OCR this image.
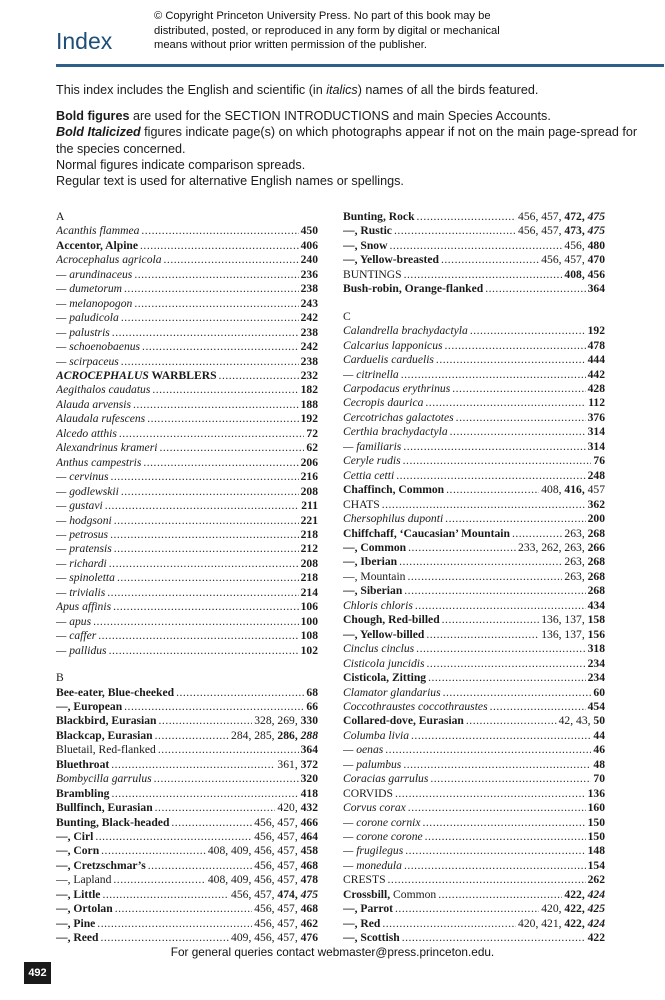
Index
© Copyright Princeton University Press. No part of this book may be distributed, posted, or reproduced in any form by digital or mechanical means without prior written permission of the publisher.

This index includes the English and scientific (in italics) names of all the birds featured.

Bold figures are used for the SECTION INTRODUCTIONS and main Species Accounts.

Bold Italicized figures indicate page(s) on which photographs appear if not on the main page-spread for the species concerned.

Normal figures indicate comparison spreads.

Regular text is used for alternative English names or spellings.

A
Acanthis flammea .....	450
Accentor, Alpine .....	406
Acrocephalus agricola .....	240
— arundinaceus .....	236
— dumetorum .....	238
— melanopogon .....	243
— paludicola .....	242
— palustris .....	238
— schoenobaenus .....	242
— scirpaceus .....	238
ACROCEPHALUS WARBLERS .....	232
Aegithalos caudatus .....	182
Alauda arvensis .....	188
Alaudala rufescens .....	192
Alcedo atthis .....	72
Alexandrinus krameri .....	62
Anthus campestris .....	206
— cervinus .....	216
— godlewskii .....	208
— gustavi .....	211
— hodgsoni .....	221
— petrosus .....	218
— pratensis .....	212
— richardi .....	208
— spinoletta .....	218
— trivialis .....	214
Apus affinis .....	106
— apus .....	100
— caffer .....	108
— pallidus .....	102
B
Bee-eater, Blue-cheeked .....	68
—, European .....	66
Blackbird, Eurasian .....	328, 269, 330
Blackcap, Eurasian .....	284, 285, 286, 288
Bluetail, Red-flanked .....	364
Bluethroat .....	361, 372
Bombycilla garrulus .....	320
Brambling .....	418
Bullfinch, Eurasian .....	420, 432
Bunting, Black-headed .....	456, 457, 466
—, Cirl .....	456, 457, 464
—, Corn .....	408, 409, 456, 457, 458
—, Cretzschmar’s .....	456, 457, 468
—, Lapland .....	408, 409, 456, 457, 478
—, Little .....	456, 457, 474, 475
—, Ortolan .....	456, 457, 468
—, Pine .....	456, 457, 462
—, Reed .....	409, 456, 457, 476
Bunting, Rock .....	456, 457, 472, 475
—, Rustic .....	456, 457, 473, 475
—, Snow .....	456, 480
—, Yellow-breasted .....	456, 457, 470
BUNTINGS .....	408, 456
Bush-robin, Orange-flanked .....	364
C
Calandrella brachydactyla .....	192
Calcarius lapponicus .....	478
Carduelis carduelis .....	444
— citrinella .....	442
Carpodacus erythrinus .....	428
Cecropis daurica .....	112
Cercotrichas galactotes .....	376
Certhia brachydactyla .....	314
— familiaris .....	314
Ceryle rudis .....	76
Cettia cetti .....	248
Chaffinch, Common .....	408, 416, 457
CHATS .....	362
Chersophilus duponti .....	200
Chiffchaff, ‘Caucasian’ Mountain .....	263, 268
—, Common .....	233, 262, 263, 266
—, Iberian .....	263, 268
—, Mountain .....	263, 268
—, Siberian .....	268
Chloris chloris .....	434
Chough, Red-billed .....	136, 137, 158
—, Yellow-billed .....	136, 137, 156
Cinclus cinclus .....	318
Cisticola juncidis .....	234
Cisticola, Zitting .....	234
Clamator glandarius .....	60
Coccothraustes coccothraustes .....	454
Collared-dove, Eurasian .....	42, 43, 50
Columba livia .....	44
— oenas .....	46
— palumbus .....	48
Coracias garrulus .....	70
CORVIDS .....	136
Corvus corax .....	160
— corone cornix .....	150
— corone corone .....	150
— frugilegus .....	148
— monedula .....	154
CRESTS .....	262
Crossbill, Common .....	422, 424
—, Parrot .....	420, 422, 425
—, Red .....	420, 421, 422, 424
—, Scottish .....	422
For general queries contact webmaster@press.princeton.edu.
492
